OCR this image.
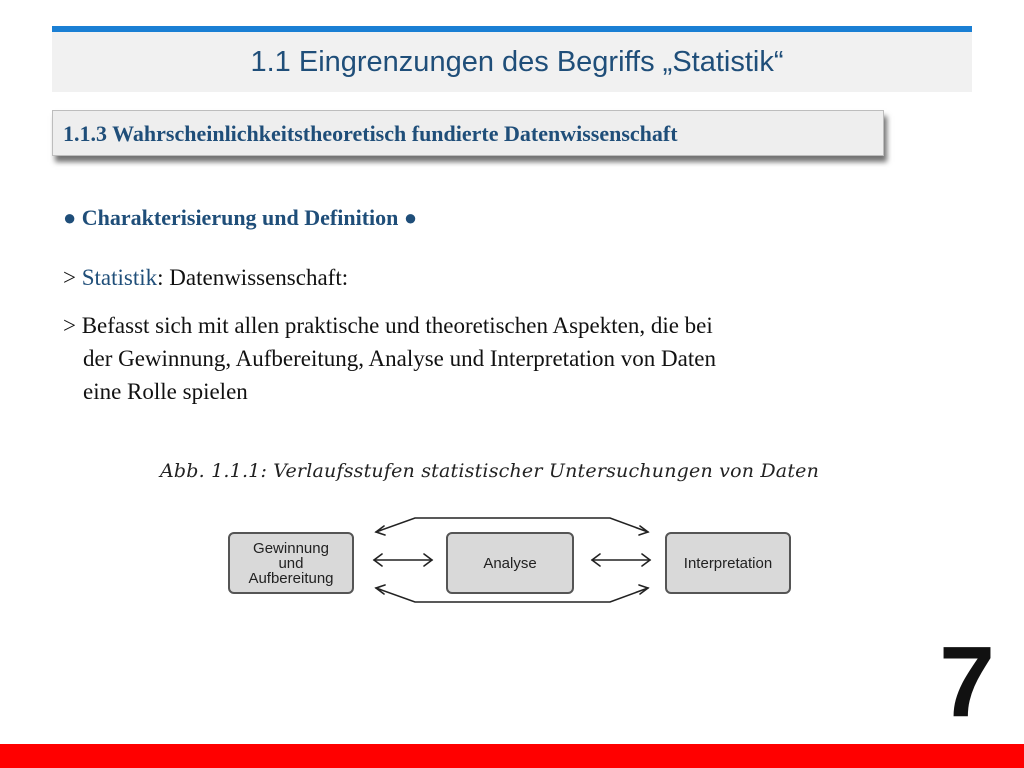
1.1 Eingrenzungen des Begriffs „Statistik“
1.1.3 Wahrscheinlichkeitstheoretisch fundierte Datenwissenschaft
● Charakterisierung und Definition ●
> Statistik: Datenwissenschaft:
> Befasst sich mit allen praktische und theoretischen Aspekten, die bei
der Gewinnung, Aufbereitung, Analyse und Interpretation von Daten
eine Rolle spielen
Abb. 1.1.1: Verlaufsstufen statistischer Untersuchungen von Daten
Gewinnung
und
Aufbereitung
Analyse	Interpretation
7
